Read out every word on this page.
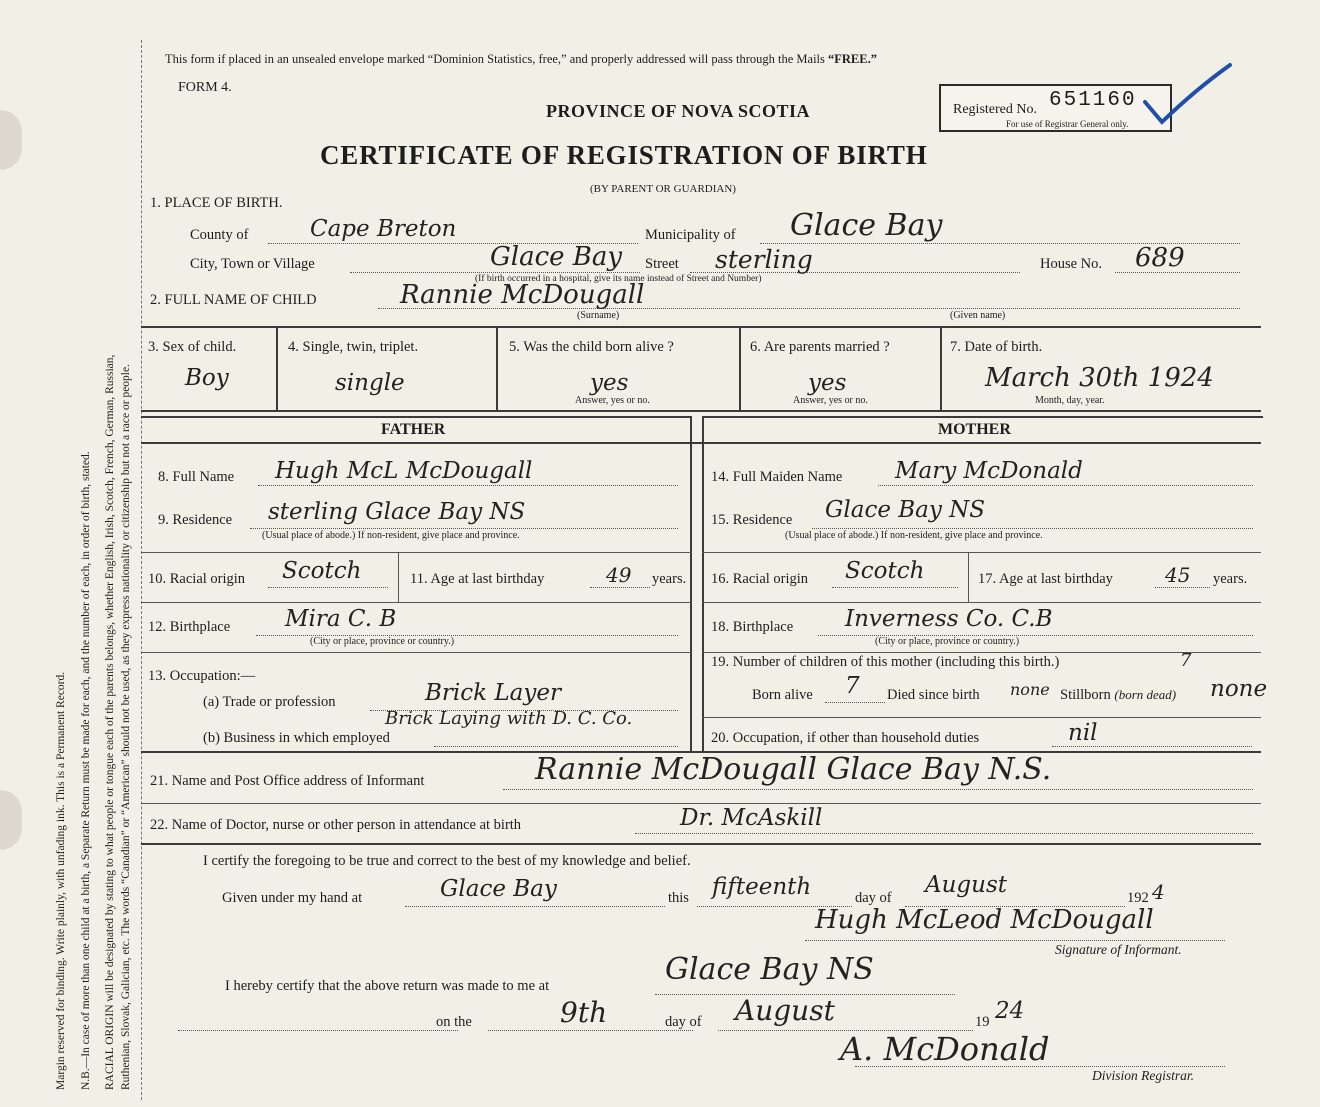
Margin reserved for binding. Write plainly, with unfading ink. This is a Permanent Record. N.B.—In case of more than one child at a birth, a Separate Return must be made for each, and the number of each, in order of birth, stated. RACIAL ORIGIN will be designated by stating to what people or tongue each of the parents belongs, whether English, Irish, Scotch, French, German, Russian, Ruthenian, Slovak, Galician, etc. The words “Canadian” or “American” should not be used, as they express nationality or citizenship but not a race or people.
This form if placed in an unsealed envelope marked “Dominion Statistics, free,” and properly addressed will pass through the Mails “FREE.”
FORM 4.
PROVINCE OF NOVA SCOTIA	Registered No. 651160
For use of Registrar General only.
CERTIFICATE OF REGISTRATION OF BIRTH
(BY PARENT OR GUARDIAN)
1. PLACE OF BIRTH.
County of	Cape Breton	Municipality of Glace Bay
City, Town or Village	Glace Bay Street sterling
(If birth occurred in a hospital, give its name instead of Street and Number)
House No. 689
2. FULL NAME OF CHILD	Rannie McDougall
(Surname)	(Given name)
3. Sex of child.
Boy
4. Single, twin, triplet.
single
5. Was the child born alive ?
yes
Answer, yes or no.
6. Are parents married ?
yes
Answer, yes or no.
7. Date of birth.
March 30th 1924
Month, day, year.
FATHER	MOTHER
8. Full Name Hugh McL McDougall
9. Residence sterling Glace Bay NS
(Usual place of abode.) If non-resident, give place and province.
10. Racial origin Scotch	11. Age at last birthday	49 years.
12. Birthplace Mira C. B
(City or place, province or country.)
13. Occupation:—
(a) Trade or profession	Brick Layer
(b) Business in which employed
Brick Laying with D. C. Co.
14. Full Maiden Name Mary McDonald
15. Residence Glace Bay NS
(Usual place of abode.) If non-resident, give place and province.
16. Racial origin Scotch	17. Age at last birthday	45 years.
18. Birthplace Inverness Co. C.B
(City or place, province or country.)
19. Number of children of this mother (including this birth.)	7
Born alive 7 Died since birth none Stillborn (born dead) none
20. Occupation, if other than household duties	nil
21. Name and Post Office address of Informant	Rannie McDougall Glace Bay N.S.
22. Name of Doctor, nurse or other person in attendance at birth	Dr. McAskill
I certify the foregoing to be true and correct to the best of my knowledge and belief.
Given under my hand at	Glace Bay	this fifteenth	day of August	192 4
Hugh McLeod McDougall
Signature of Informant.
I hereby certify that the above return was made to me at	Glace Bay NS
on the	9th	day of August	19 24
A. McDonald
Division Registrar.
